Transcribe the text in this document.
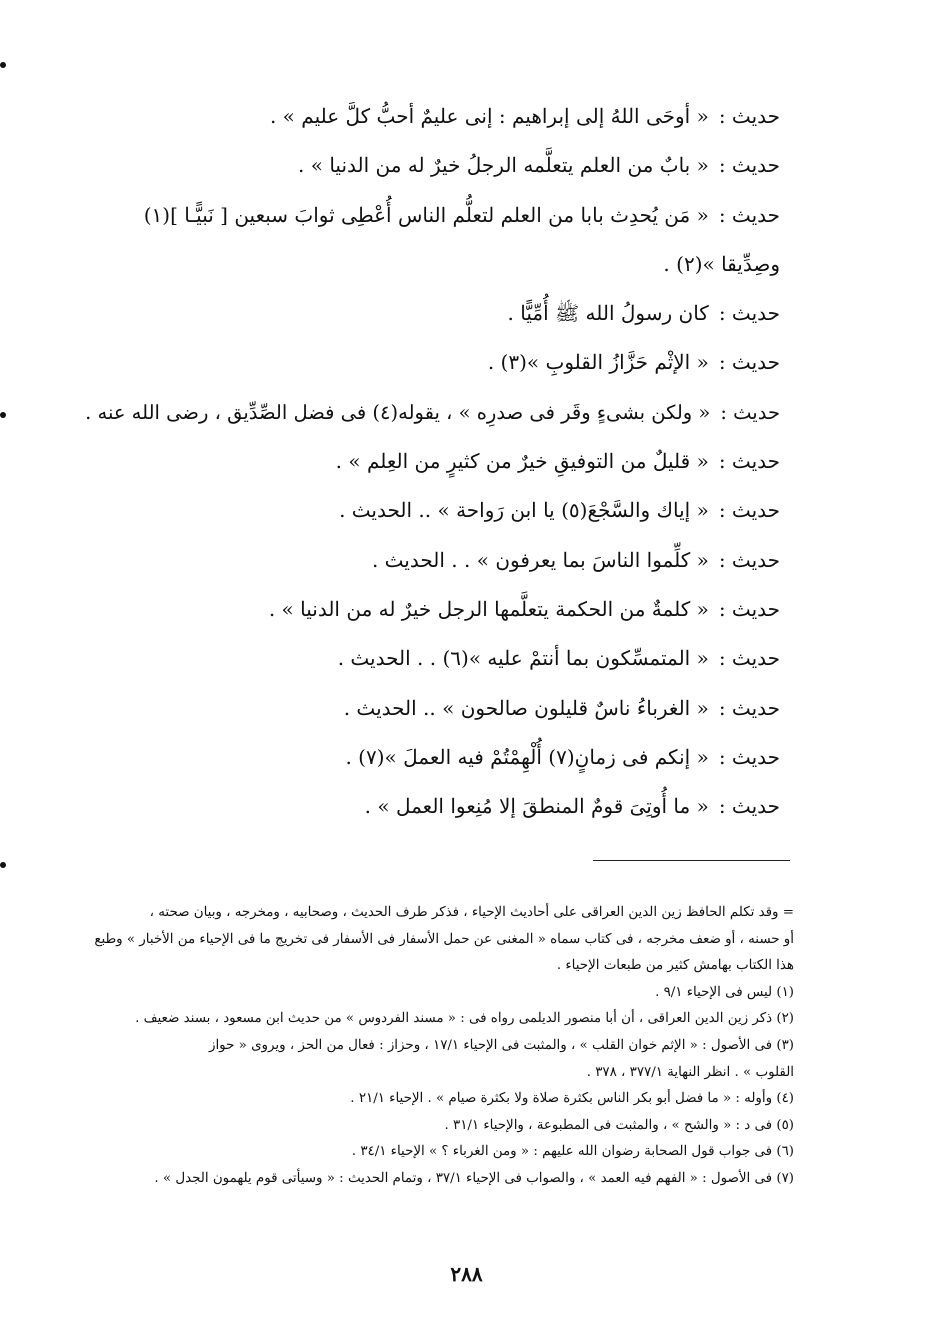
حديث :« أوحَى اللهُ إلى إبراهيم : إنى عليمٌ أحبُّ كلَّ عليم » .
حديث :« بابٌ من العلم يتعلَّمه الرجلُ خيرٌ له من الدنيا » .
حديث :« مَن يُحدِث بابا من العلم لتعلُّم الناس أُعْطِى ثوابَ سبعين [ نَبيًّـا ](١)
وصِدِّيقا »(٢) .
حديث :كان رسولُ الله ﷺ أُمِّيًّا .
حديث :« الإثْم حَزَّازُ القلوبِ »(٣) .
حديث :« ولكن بشىءٍ وقَر فى صدرِه » ، يقوله(٤) فى فضل الصِّدِّيق ، رضى الله عنه .
حديث :« قليلٌ من التوفيقِ خيرٌ من كثيرٍ من العِلم » .
حديث :« إياك والسَّجْعَ(٥) يا ابن رَواحة » .. الحديث .
حديث :« كلِّموا الناسَ بما يعرفون » . . الحديث .
حديث :« كلمةٌ من الحكمة يتعلَّمها الرجل خيرٌ له من الدنيا » .
حديث :« المتمسِّكون بما أنتمْ عليه »(٦) . . الحديث .
حديث :« الغرباءُ ناسٌ قليلون صالحون » .. الحديث .
حديث :« إنكم فى زمانٍ(٧) أُلْهِمْتُمْ فيه العملَ »(٧) .
حديث :« ما أُوتِىَ قومٌ المنطقَ إلا مُنِعوا العمل » .
= وقد تكلم الحافظ زين الدين العراقى على أحاديث الإحياء ، فذكر طرف الحديث ، وصحابيه ، ومخرجه ، وبيان صحته ،
أو حسنه ، أو ضعف مخرجه ، فى كتاب سماه « المغنى عن حمل الأسفار فى الأسفار فى تخريج ما فى الإحياء من الأخبار » وطبع
هذا الكتاب بهامش كثير من طبعات الإحياء .
(١) ليس فى الإحياء ٩/١ .
(٢) ذكر زين الدين العراقى ، أن أبا منصور الديلمى رواه فى : « مسند الفردوس » من حديث ابن مسعود ، بسند ضعيف .
(٣) فى الأصول : « الإثم خوان القلب » ، والمثبت فى الإحياء ١٧/١ ، وحزاز : فعال من الحز ، ويروى « حواز
القلوب » . انظر النهاية ٣٧٧/١ ، ٣٧٨ .
(٤) وأوله : « ما فضل أبو بكر الناس بكثرة صلاة ولا بكثرة صيام » . الإحياء ٢١/١ .
(٥) فى د : « والشح » ، والمثبت فى المطبوعة ، والإحياء ٣١/١ .
(٦) فى جواب قول الصحابة رضوان الله عليهم : « ومن الغرباء ؟ » الإحياء ٣٤/١ .
(٧) فى الأصول : « الفهم فيه العمد » ، والصواب فى الإحياء ٣٧/١ ، وتمام الحديث : « وسيأتى قوم يلهمون الجدل » .
٢٨٨
